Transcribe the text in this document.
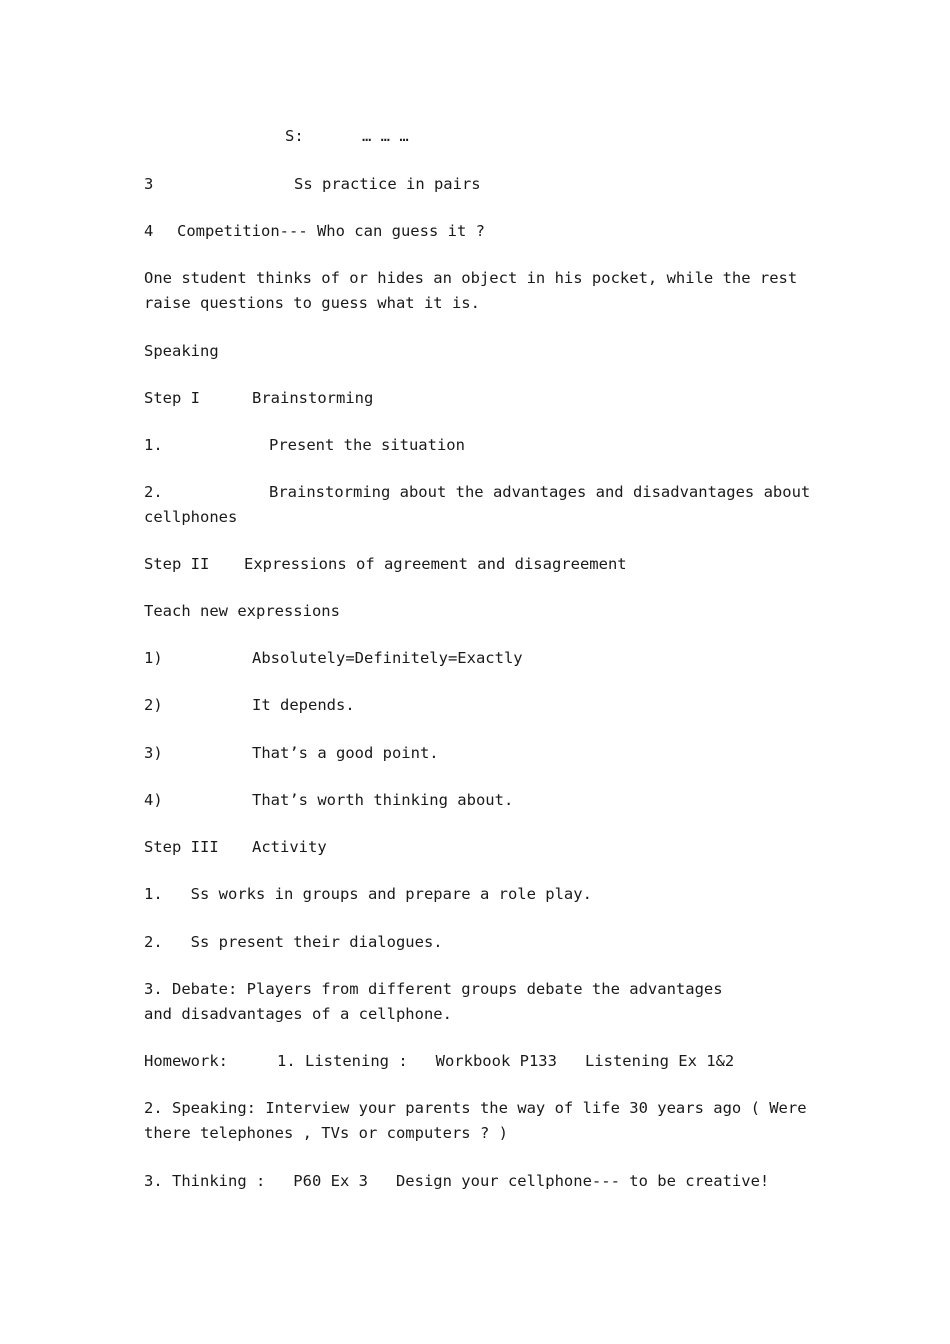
S:	… … …
3	Ss practice in pairs
4 Competition--- Who can guess it ?
One student thinks of or hides an object in his pocket, while the rest raise questions to guess what it is.
Speaking
Step I	Brainstorming
1.	Present the situation
2.	Brainstorming about the advantages and disadvantages about
cellphones
Step II Expressions of agreement and disagreement
Teach new expressions
1)	Absolutely=Definitely=Exactly
2)	It depends.
3)	That’s a good point.
4)	That’s worth thinking about.
Step III Activity
1.   Ss works in groups and prepare a role play.
2.   Ss present their dialogues.
3. Debate: Players from different groups debate the advantages and disadvantages of a cellphone.
Homework:	1. Listening :   Workbook P133   Listening Ex 1&2
2. Speaking: Interview your parents the way of life 30 years ago ( Were there telephones , TVs or computers ? )
3. Thinking :   P60 Ex 3   Design your cellphone--- to be creative!
